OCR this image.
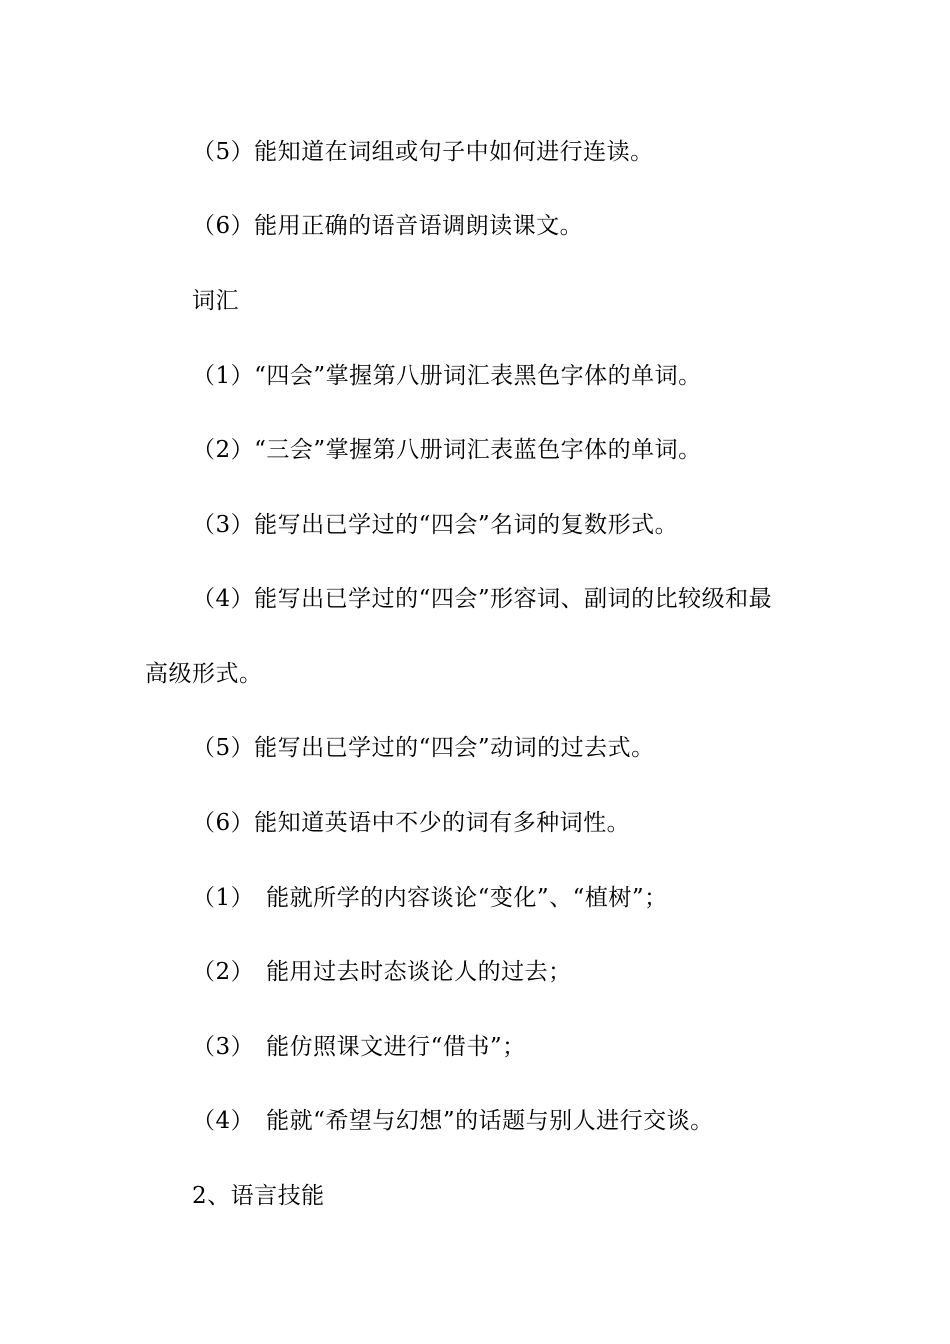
（5）能知道在词组或句子中如何进行连读。
（6）能用正确的语音语调朗读课文。
词汇
（1）“四会”掌握第八册词汇表黑色字体的单词。
（2）“三会”掌握第八册词汇表蓝色字体的单词。
（3）能写出已学过的“四会”名词的复数形式。
（4）能写出已学过的“四会”形容词、副词的比较级和最
高级形式。
（5）能写出已学过的“四会”动词的过去式。
（6）能知道英语中不少的词有多种词性。
（1）　能就所学的内容谈论“变化”、“植树”；
（2）　能用过去时态谈论人的过去；
（3）　能仿照课文进行“借书”；
（4）　能就“希望与幻想”的话题与别人进行交谈。
2、语言技能
